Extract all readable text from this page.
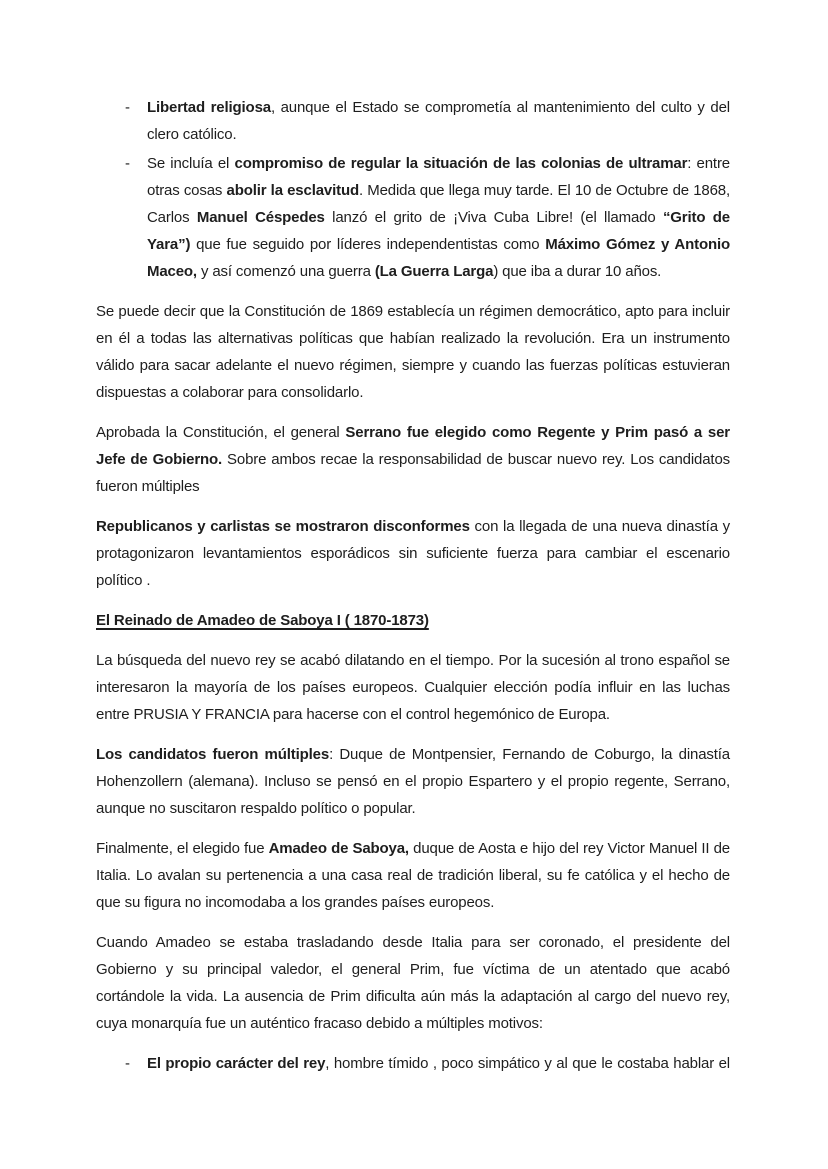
-	Libertad religiosa, aunque el Estado se comprometía al mantenimiento del culto y del clero católico.
-	Se incluía el compromiso de regular la situación de las colonias de ultramar: entre otras cosas abolir la esclavitud. Medida que llega muy tarde. El 10 de Octubre de 1868, Carlos Manuel Céspedes lanzó el grito de ¡Viva Cuba Libre! (el llamado “Grito de Yara”) que fue seguido por líderes independentistas como Máximo Gómez y Antonio Maceo, y así comenzó una guerra (La Guerra Larga) que iba a durar 10 años.

Se puede decir que la Constitución de 1869 establecía un régimen democrático, apto para incluir en él a todas las alternativas políticas que habían realizado la revolución. Era un instrumento válido para sacar adelante el nuevo régimen, siempre y cuando las fuerzas políticas estuvieran dispuestas a colaborar para consolidarlo.

Aprobada la Constitución, el general Serrano fue elegido como Regente y Prim pasó a ser Jefe de Gobierno. Sobre ambos recae la responsabilidad de buscar nuevo rey. Los candidatos fueron múltiples

Republicanos y carlistas se mostraron disconformes con la llegada de una nueva dinastía y protagonizaron levantamientos esporádicos sin suficiente fuerza para cambiar el escenario político .

El Reinado de Amadeo de Saboya I ( 1870-1873)

La búsqueda del nuevo rey se acabó dilatando en el tiempo. Por la sucesión al trono español se interesaron la mayoría de los países europeos. Cualquier elección podía influir en las luchas entre PRUSIA Y FRANCIA para hacerse con el control hegemónico de Europa.

Los candidatos fueron múltiples: Duque de Montpensier, Fernando de Coburgo, la dinastía Hohenzollern (alemana). Incluso se pensó en el propio Espartero y el propio regente, Serrano, aunque no suscitaron respaldo político o popular.

Finalmente, el elegido fue Amadeo de Saboya, duque de Aosta e hijo del rey Victor Manuel II de Italia. Lo avalan su pertenencia a una casa real de tradición liberal, su fe católica y el hecho de que su figura no incomodaba a los grandes países europeos.

Cuando Amadeo se estaba trasladando desde Italia para ser coronado, el presidente del Gobierno y su principal valedor, el general Prim, fue víctima de un atentado que acabó cortándole la vida. La ausencia de Prim dificulta aún más la adaptación al cargo del nuevo rey, cuya monarquía fue un auténtico fracaso debido a múltiples motivos:

-	El propio carácter del rey, hombre tímido , poco simpático y al que le costaba hablar el
